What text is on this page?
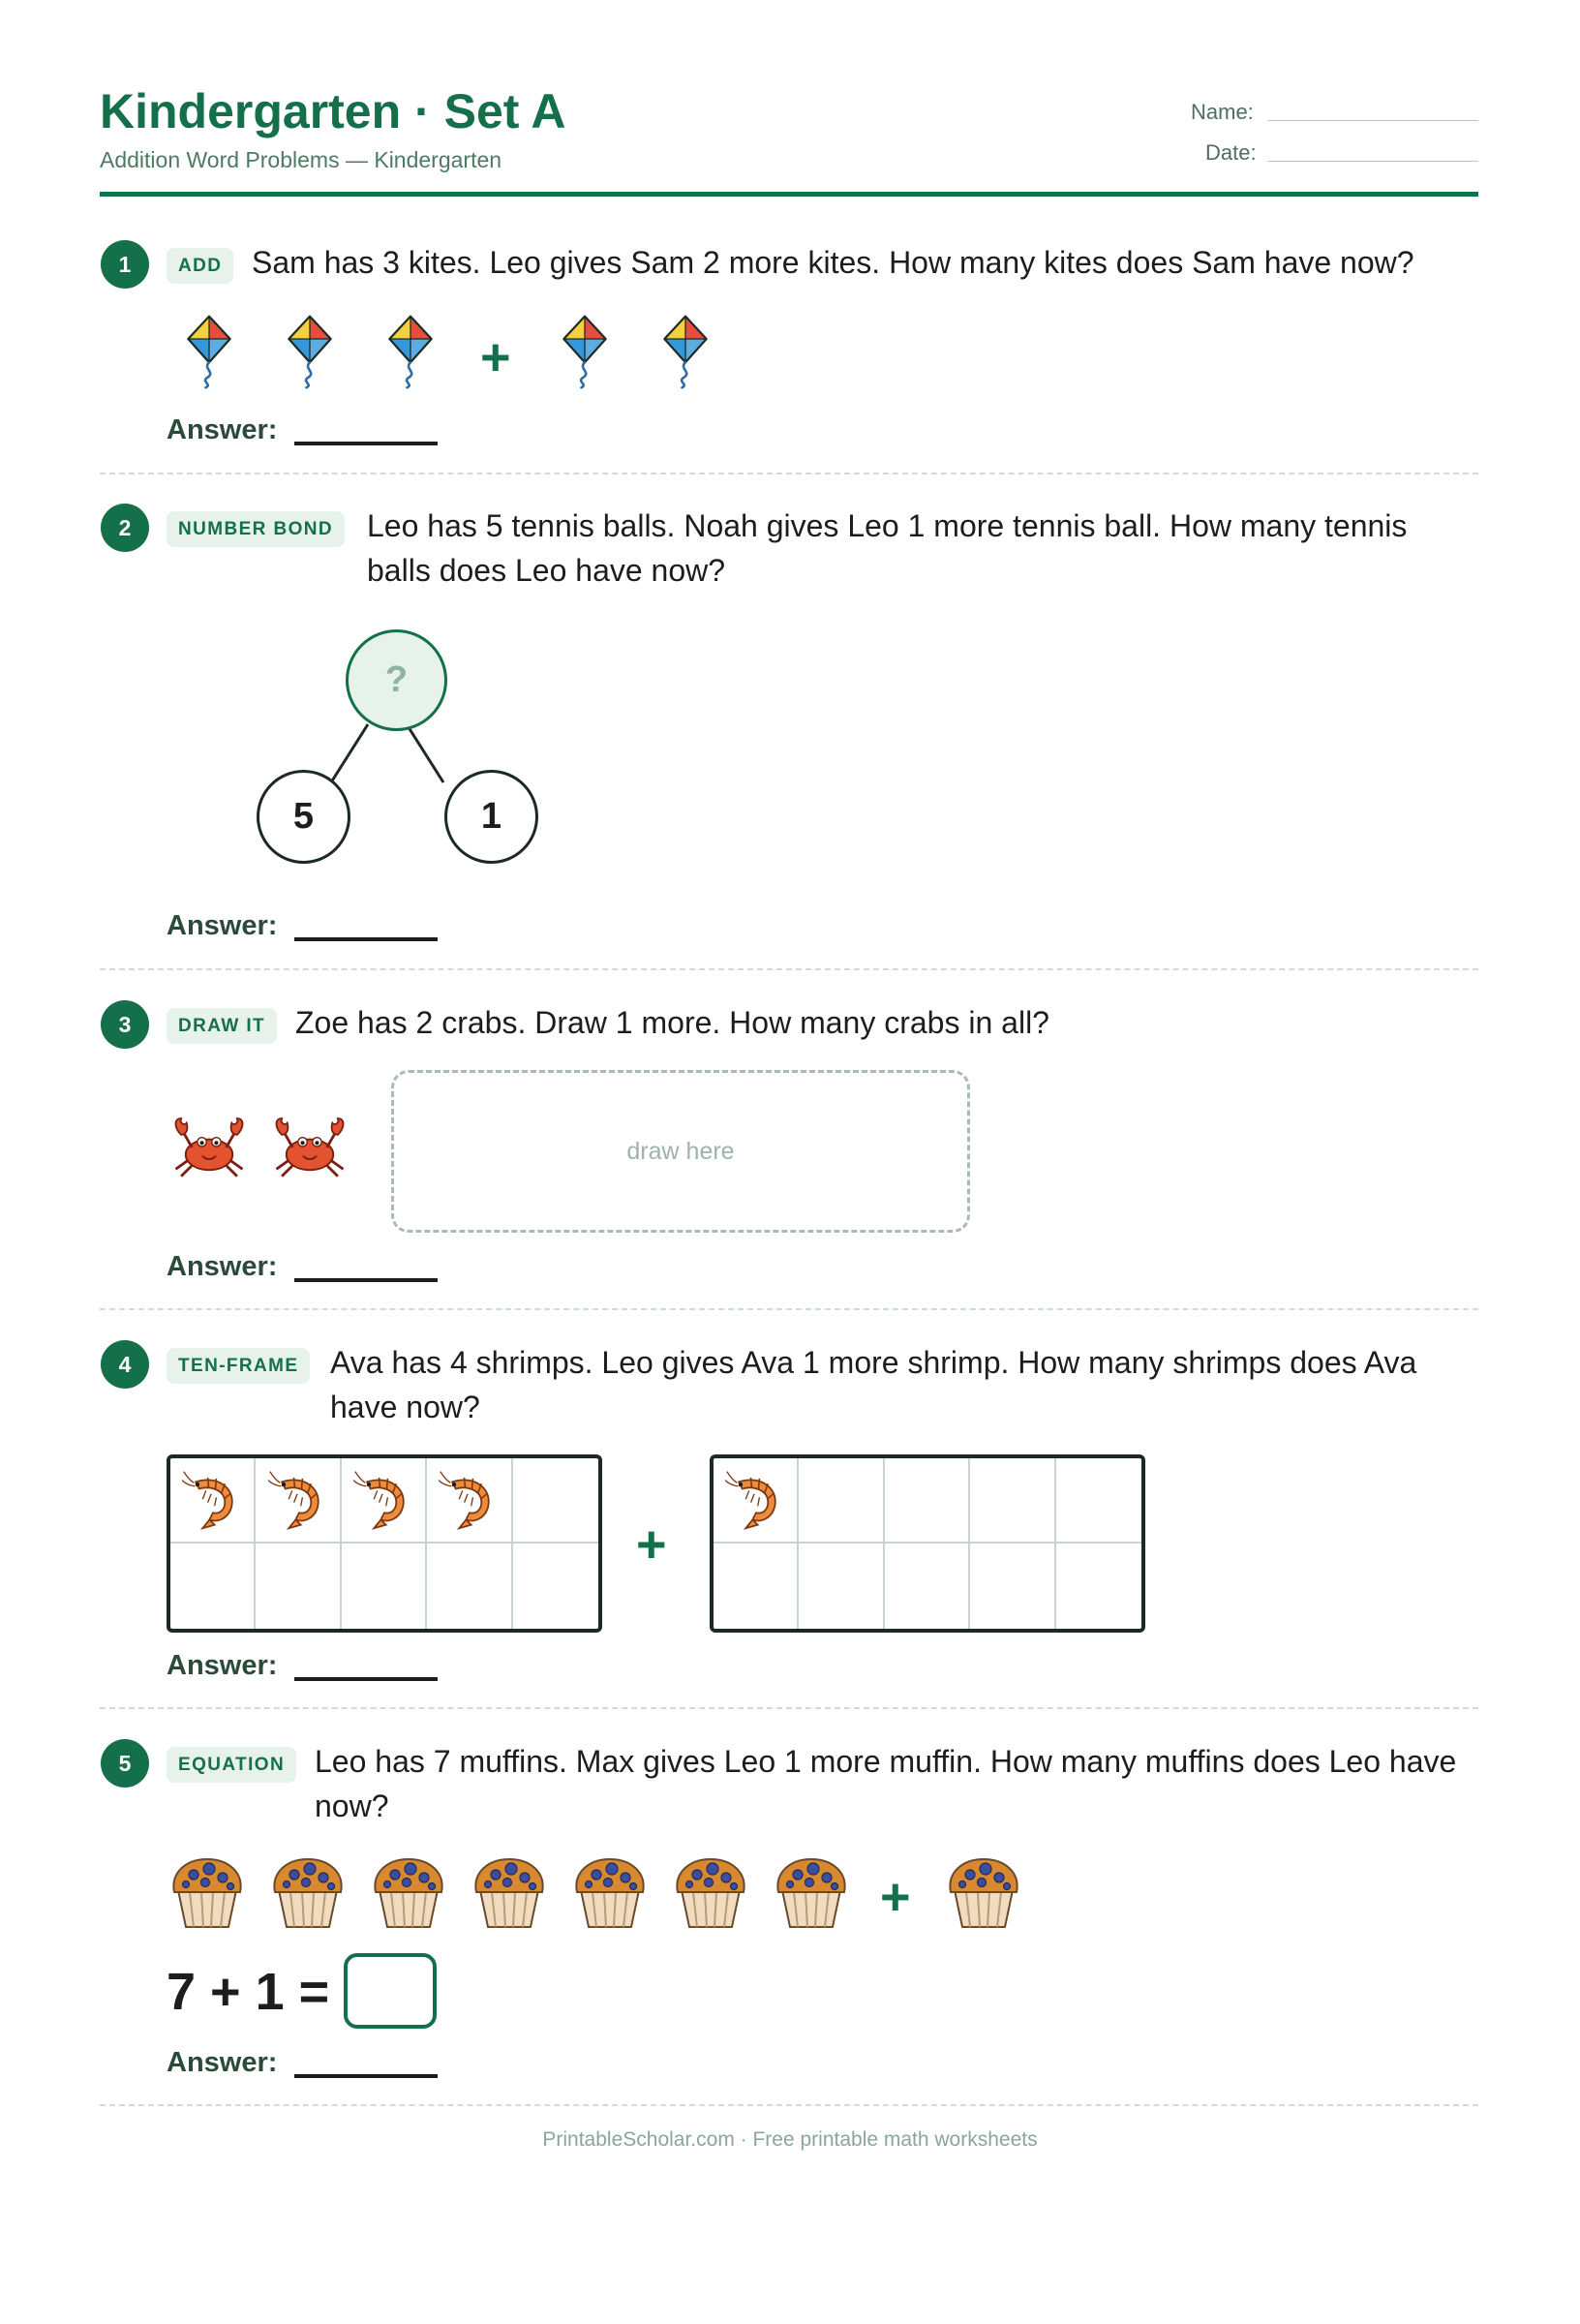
Kindergarten · Set A
Addition Word Problems — Kindergarten
Name:
Date:
1	ADD Sam has 3 kites. Leo gives Sam 2 more kites. How many kites does Sam have now?
+
Answer:
2	NUMBER BOND	Leo has 5 tennis balls. Noah gives Leo 1 more tennis ball. How many tennis balls does Leo have now?
?
5	1
Answer:
3	DRAW IT Zoe has 2 crabs. Draw 1 more. How many crabs in all?
draw here
Answer:
4	TEN-FRAME	Ava has 4 shrimps. Leo gives Ava 1 more shrimp. How many shrimps does Ava have now?
+
Answer:
5	EQUATION Leo has 7 muffins. Max gives Leo 1 more muffin. How many muffins does Leo have now?
+
7 + 1 =
Answer:
PrintableScholar.com · Free printable math worksheets
